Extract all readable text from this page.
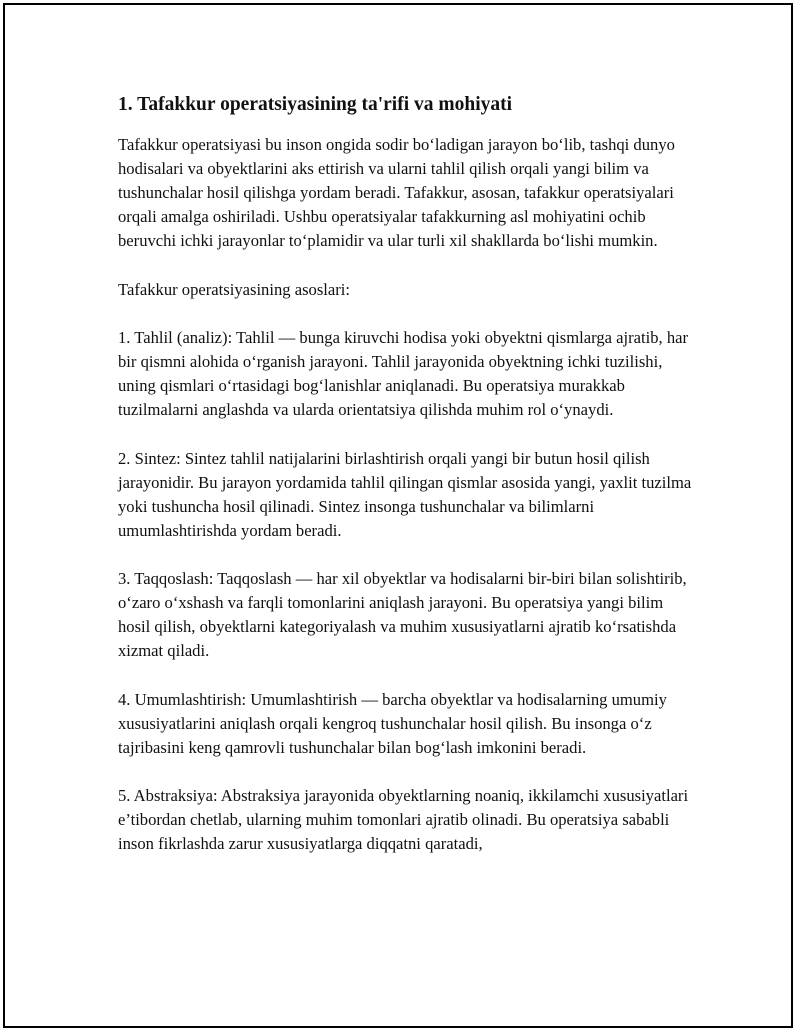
1. Tafakkur operatsiyasining ta'rifi va mohiyati

Tafakkur operatsiyasi bu inson ongida sodir bo‘ladigan jarayon bo‘lib, tashqi dunyo hodisalari va obyektlarini aks ettirish va ularni tahlil qilish orqali yangi bilim va tushunchalar hosil qilishga yordam beradi. Tafakkur, asosan, tafakkur operatsiyalari orqali amalga oshiriladi. Ushbu operatsiyalar tafakkurning asl mohiyatini ochib beruvchi ichki jarayonlar to‘plamidir va ular turli xil shakllarda bo‘lishi mumkin.

Tafakkur operatsiyasining asoslari:

1. Tahlil (analiz): Tahlil — bunga kiruvchi hodisa yoki obyektni qismlarga ajratib, har bir qismni alohida o‘rganish jarayoni. Tahlil jarayonida obyektning ichki tuzilishi, uning qismlari o‘rtasidagi bog‘lanishlar aniqlanadi. Bu operatsiya murakkab tuzilmalarni anglashda va ularda orientatsiya qilishda muhim rol o‘ynaydi.

2. Sintez: Sintez tahlil natijalarini birlashtirish orqali yangi bir butun hosil qilish jarayonidir. Bu jarayon yordamida tahlil qilingan qismlar asosida yangi, yaxlit tuzilma yoki tushuncha hosil qilinadi. Sintez insonga tushunchalar va bilimlarni umumlashtirishda yordam beradi.

3. Taqqoslash: Taqqoslash — har xil obyektlar va hodisalarni bir-biri bilan solishtirib, o‘zaro o‘xshash va farqli tomonlarini aniqlash jarayoni. Bu operatsiya yangi bilim hosil qilish, obyektlarni kategoriyalash va muhim xususiyatlarni ajratib ko‘rsatishda xizmat qiladi.

4. Umumlashtirish: Umumlashtirish — barcha obyektlar va hodisalarning umumiy xususiyatlarini aniqlash orqali kengroq tushunchalar hosil qilish. Bu insonga o‘z tajribasini keng qamrovli tushunchalar bilan bog‘lash imkonini beradi.

5. Abstraksiya: Abstraksiya jarayonida obyektlarning noaniq, ikkilamchi xususiyatlari e’tibordan chetlab, ularning muhim tomonlari ajratib olinadi. Bu operatsiya sababli inson fikrlashda zarur xususiyatlarga diqqatni qaratadi,
